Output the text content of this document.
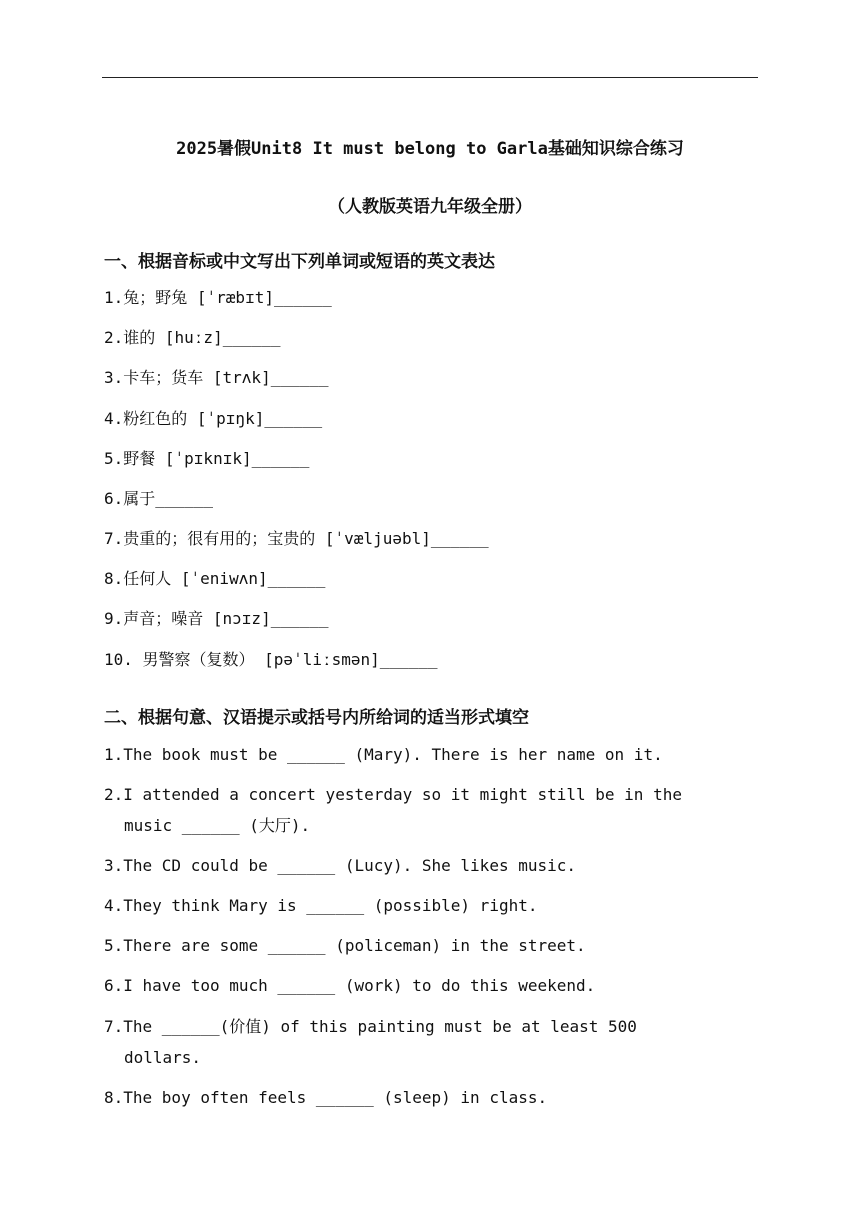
2025暑假Unit8 It must belong to Garla基础知识综合练习
（人教版英语九年级全册）
一、根据音标或中文写出下列单词或短语的英文表达
1.兔；野兔 [ˈræbɪt]______
2.谁的 [huːz]______
3.卡车；货车 [trʌk]______
4.粉红色的 [ˈpɪŋk]______
5.野餐 [ˈpɪknɪk]______
6.属于______
7.贵重的；很有用的；宝贵的 [ˈvæljuəbl]______
8.任何人 [ˈeniwʌn]______
9.声音；噪音 [nɔɪz]______
10. 男警察（复数） [pəˈliːsmən]______
二、根据句意、汉语提示或括号内所给词的适当形式填空
1.The book must be ______ (Mary). There is her name on it.
2.I attended a concert yesterday so it might still be in the
music ______ (大厅).
3.The CD could be ______ (Lucy). She likes music.
4.They think Mary is ______ (possible) right.
5.There are some ______ (policeman) in the street.
6.I have too much ______ (work) to do this weekend.
7.The ______(价值) of this painting must be at least 500
dollars.
8.The boy often feels ______ (sleep) in class.
